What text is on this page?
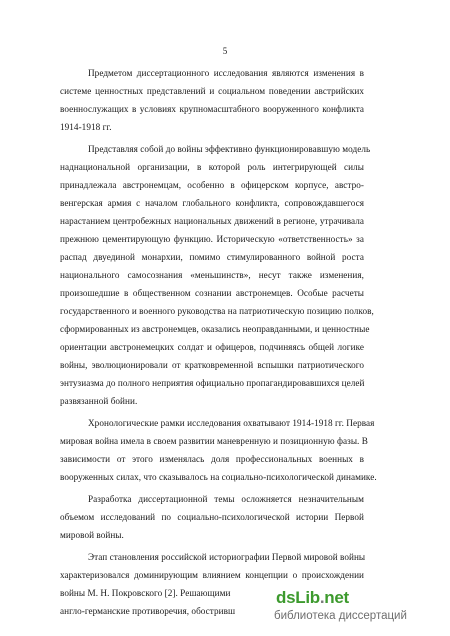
5
Предметом диссертационного исследования являются изменения в
системе ценностных представлений и социальном поведении австрийских
военнослужащих в условиях крупномасштабного вооруженного конфликта
1914-1918 гг.
Представляя собой до войны эффективно функционировавшую модель
наднациональной организации, в которой роль интегрирующей силы
принадлежала австронемцам, особенно в офицерском корпусе, австро-
венгерская армия с началом глобального конфликта, сопровождавшегося
нарастанием центробежных национальных движений в регионе, утрачивала
прежнюю цементирующую функцию. Историческую «ответственность» за
распад двуединой монархии, помимо стимулированного войной роста
национального самосознания «меньшинств», несут также изменения,
произошедшие в общественном сознании австронемцев. Особые расчеты
государственного и военного руководства на патриотическую позицию полков,
сформированных из австронемцев, оказались неоправданными, и ценностные
ориентации австронемецких солдат и офицеров, подчиняясь общей логике
войны, эволюционировали от кратковременной вспышки патриотического
энтузиазма до полного неприятия официально пропагандировавшихся целей
развязанной бойни.
Хронологические рамки исследования охватывают 1914-1918 гг. Первая
мировая война имела в своем развитии маневренную и позиционную фазы. В
зависимости от этого изменялась доля профессиональных военных в
вооруженных силах, что сказывалось на социально-психологической динамике.
Разработка диссертационной темы осложняется незначительным
объемом исследований по социально-психологической истории Первой
мировой войны.
Этап становления российской историографии Первой мировой войны
характеризовался доминирующим влиянием концепции о происхождении
войны М. Н. Покровского [2]. Решающими
англо-германские противоречия, обостривш
dsLib.net
библиотека диссертаций
